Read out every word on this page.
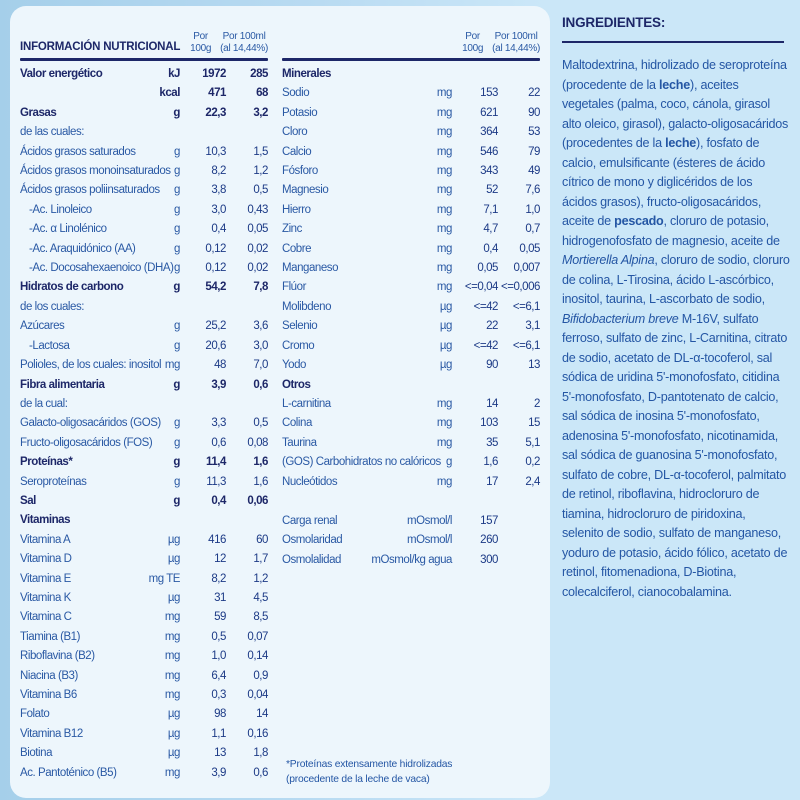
INFORMACIÓN NUTRICIONAL
Por
100g
Por 100ml
(al 14,44%)
Valor energético	kJ	1972	285
kcal	471	68
Grasas	g	22,3	3,2
de las cuales:
Ácidos grasos saturados	g	10,3	1,5
Ácidos grasos monoinsaturados g	8,2	1,2
Ácidos grasos poliinsaturados	g	3,8	0,5
-Ac. Linoleico	g	3,0	0,43
-Ac. α Linolénico	g	0,4	0,05
-Ac. Araquidónico (AA)	g	0,12	0,02
-Ac. Docosahexaenoico (DHA) g	0,12	0,02
Hidratos de carbono	g	54,2	7,8
de los cuales:
Azúcares	g	25,2	3,6
-Lactosa	g	20,6	3,0
Polioles, de los cuales: inositol mg	48	7,0
Fibra alimentaria	g	3,9	0,6
de la cual:
Galacto-oligosacáridos (GOS)	g	3,3	0,5
Fructo-oligosacáridos (FOS)	g	0,6	0,08
Proteínas*	g	11,4	1,6
Seroproteínas	g	11,3	1,6
Sal	g	0,4	0,06
Vitaminas
Vitamina A	µg	416	60
Vitamina D	µg	12	1,7
Vitamina E	mg TE	8,2	1,2
Vitamina K	µg	31	4,5
Vitamina C	mg	59	8,5
Tiamina (B1)	mg	0,5	0,07
Riboflavina (B2)	mg	1,0	0,14
Niacina (B3)	mg	6,4	0,9
Vitamina B6	mg	0,3	0,04
Folato	µg	98	14
Vitamina B12	µg	1,1	0,16
Biotina	µg	13	1,8
Ac. Pantoténico (B5)	mg	3,9	0,6
Por
100g
Por 100ml
(al 14,44%)
Minerales
Sodio	mg	153	22
Potasio	mg	621	90
Cloro	mg	364	53
Calcio	mg	546	79
Fósforo	mg	343	49
Magnesio	mg	52	7,6
Hierro	mg	7,1	1,0
Zinc	mg	4,7	0,7
Cobre	mg	0,4	0,05
Manganeso	mg	0,05	0,007
Flúor	mg	<=0,04 <=0,006
Molibdeno	µg	<=42	<=6,1
Selenio	µg	22	3,1
Cromo	µg	<=42	<=6,1
Yodo	µg	90	13
Otros
L-carnitina	mg	14	2
Colina	mg	103	15
Taurina	mg	35	5,1
(GOS) Carbohidratos no calóricos g	1,6	0,2
Nucleótidos	mg	17	2,4
Carga renal	mOsmol/l	157
Osmolaridad	mOsmol/l	260
Osmolalidad	mOsmol/kg agua	300

*Proteínas extensamente hidrolizadas (procedente de la leche de vaca)

INGREDIENTES:

Maltodextrina, hidrolizado de seroproteína (procedente de la leche), aceites vegetales (palma, coco, cánola, girasol alto oleico, girasol), galacto-oligosacáridos (procedentes de la leche), fosfato de calcio, emulsificante (ésteres de ácido cítrico de mono y diglicéridos de los ácidos grasos), fructo-oligosacáridos, aceite de pescado, cloruro de potasio, hidrogenofosfato de magnesio, aceite de Mortierella Alpina, cloruro de sodio, cloruro de colina, L-Tirosina, ácido L-ascórbico, inositol, taurina, L-ascorbato de sodio, Bifidobacterium breve M-16V, sulfato ferroso, sulfato de zinc, L-Carnitina, citrato de sodio, acetato de DL-α-tocoferol, sal sódica de uridina 5'-monofosfato, citidina 5'-monofosfato, D-pantotenato de calcio, sal sódica de inosina 5'-monofosfato, adenosina 5'-monofosfato, nicotinamida, sal sódica de guanosina 5'-monofosfato, sulfato de cobre, DL-α-tocoferol, palmitato de retinol, riboflavina, hidrocloruro de tiamina, hidrocloruro de piridoxina, selenito de sodio, sulfato de manganeso, yoduro de potasio, ácido fólico, acetato de retinol, fitomenadiona, D-Biotina, colecalciferol, cianocobalamina.
